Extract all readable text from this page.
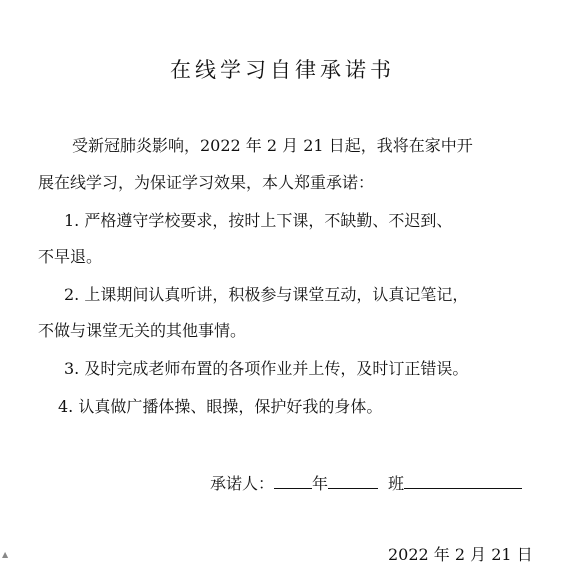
在线学习自律承诺书
受新冠肺炎影响，2022 年 2 月 21 日起，我将在家中开
展在线学习，为保证学习效果，本人郑重承诺：
1. 严格遵守学校要求，按时上下课，不缺勤、不迟到、
不早退。
2. 上课期间认真听讲，积极参与课堂互动，认真记笔记，
不做与课堂无关的其他事情。
3. 及时完成老师布置的各项作业并上传，及时订正错误。
4. 认真做广播体操、眼操，保护好我的身体。
承诺人： 年	班
2022 年 2 月 21 日
▲
